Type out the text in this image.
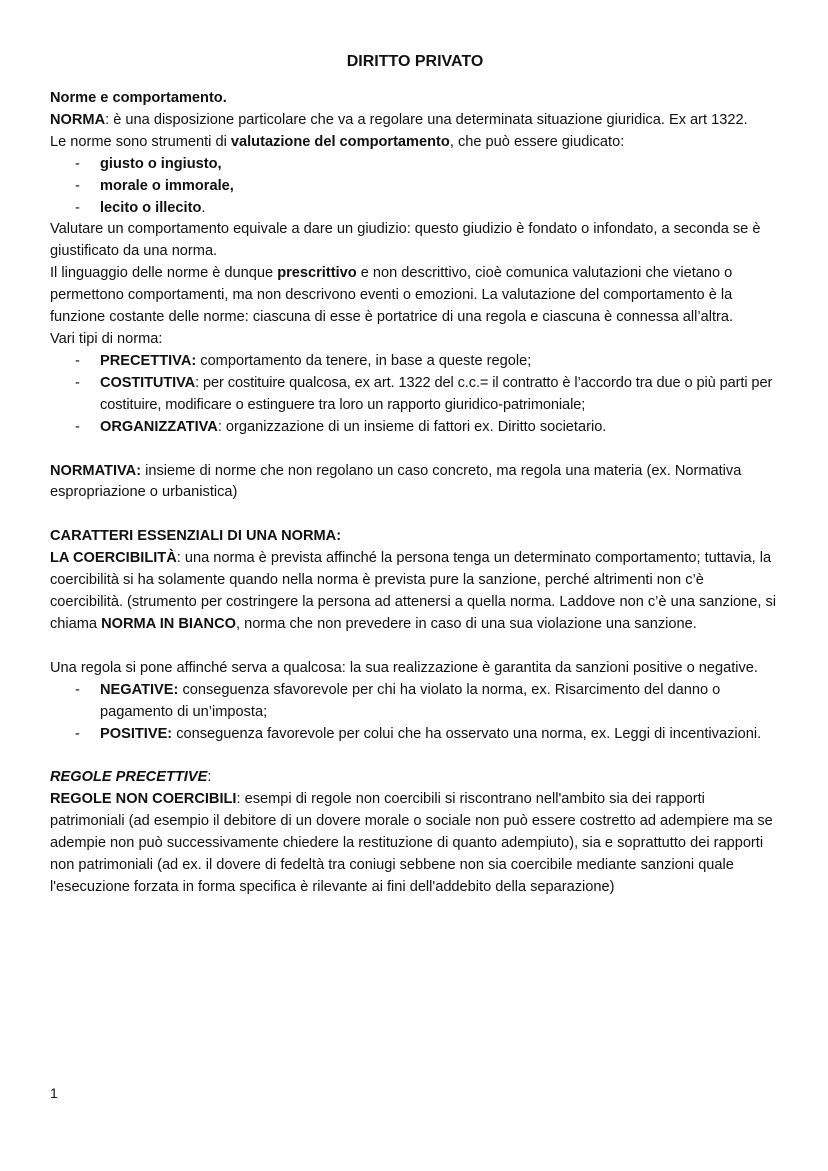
DIRITTO PRIVATO

Norme e comportamento.

NORMA: è una disposizione particolare che va a regolare una determinata situazione giuridica. Ex art 1322.

Le norme sono strumenti di valutazione del comportamento, che può essere giudicato:

- giusto o ingiusto,
- morale o immorale,
- lecito o illecito.

Valutare un comportamento equivale a dare un giudizio: questo giudizio è fondato o infondato, a seconda se è giustificato da una norma.

Il linguaggio delle norme è dunque prescrittivo e non descrittivo, cioè comunica valutazioni che vietano o permettono comportamenti, ma non descrivono eventi o emozioni. La valutazione del comportamento è la funzione costante delle norme: ciascuna di esse è portatrice di una regola e ciascuna è connessa all’altra.

Vari tipi di norma:

- PRECETTIVA: comportamento da tenere, in base a queste regole;
- COSTITUTIVA: per costituire qualcosa, ex art. 1322 del c.c.= il contratto è l’accordo tra due o più parti per costituire, modificare o estinguere tra loro un rapporto giuridico-patrimoniale;
- ORGANIZZATIVA: organizzazione di un insieme di fattori ex. Diritto societario.

NORMATIVA: insieme di norme che non regolano un caso concreto, ma regola una materia (ex. Normativa espropriazione o urbanistica)

CARATTERI ESSENZIALI DI UNA NORMA:

LA COERCIBILITÀ: una norma è prevista affinché la persona tenga un determinato comportamento; tuttavia, la coercibilità si ha solamente quando nella norma è prevista pure la sanzione, perché altrimenti non c’è coercibilità. (strumento per costringere la persona ad attenersi a quella norma. Laddove non c’è una sanzione, si chiama NORMA IN BIANCO, norma che non prevedere in caso di una sua violazione una sanzione.

Una regola si pone affinché serva a qualcosa: la sua realizzazione è garantita da sanzioni positive o negative.

- NEGATIVE: conseguenza sfavorevole per chi ha violato la norma, ex. Risarcimento del danno o pagamento di un’imposta;
- POSITIVE: conseguenza favorevole per colui che ha osservato una norma, ex. Leggi di incentivazioni.

REGOLE PRECETTIVE:

REGOLE NON COERCIBILI: esempi di regole non coercibili si riscontrano nell'ambito sia dei rapporti patrimoniali (ad esempio il debitore di un dovere morale o sociale non può essere costretto ad adempiere ma se adempie non può successivamente chiedere la restituzione di quanto adempiuto), sia e soprattutto dei rapporti non patrimoniali (ad ex. il dovere di fedeltà tra coniugi sebbene non sia coercibile mediante sanzioni quale l'esecuzione forzata in forma specifica è rilevante ai fini dell'addebito della separazione)

1
